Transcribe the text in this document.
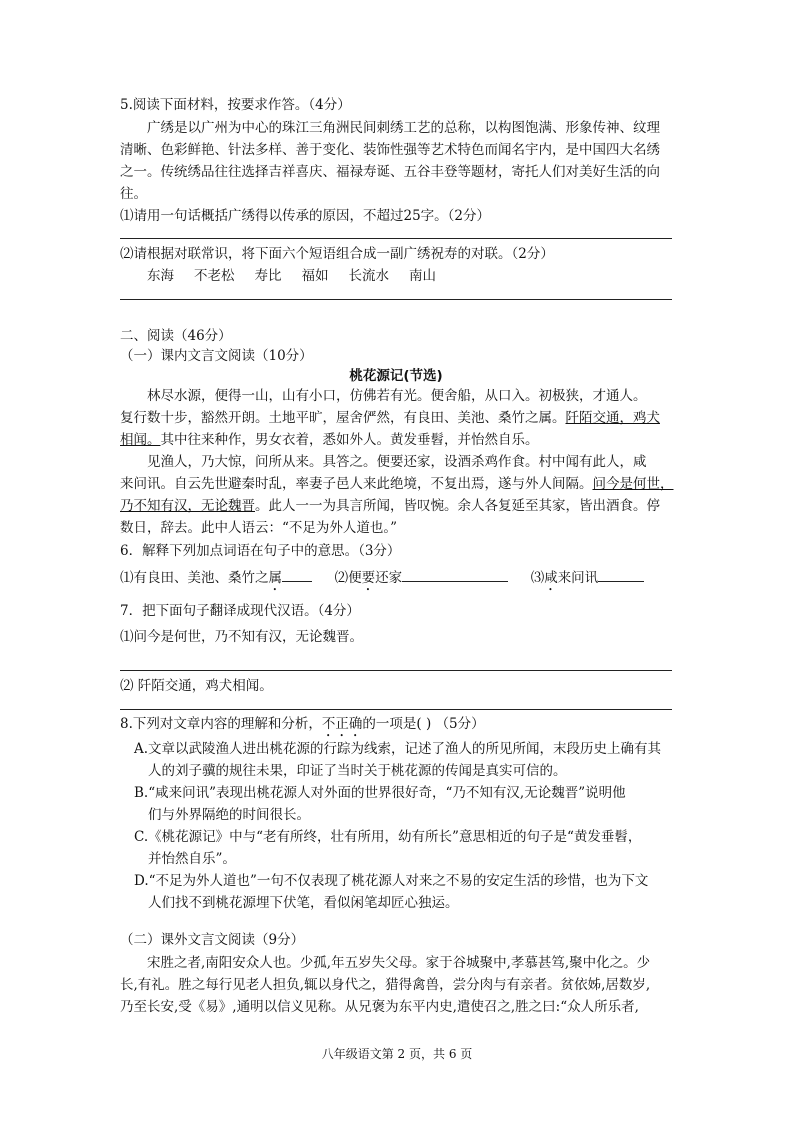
5.阅读下面材料，按要求作答。（4分）
广绣是以广州为中心的珠江三角洲民间刺绣工艺的总称，以构图饱满、形象传神、纹理
清晰、色彩鲜艳、针法多样、善于变化、装饰性强等艺术特色而闻名宇内，是中国四大名绣
之一。传统绣品往往选择吉祥喜庆、福禄寿诞、五谷丰登等题材，寄托人们对美好生活的向
往。
⑴请用一句话概括广绣得以传承的原因，不超过25字。（2分）
⑵请根据对联常识，将下面六个短语组合成一副广绣祝寿的对联。（2分）
东海 不老松 寿比 福如 长流水 南山
二、阅读（46分）
（一）课内文言文阅读（10分）
桃花源记(节选)
林尽水源，便得一山，山有小口，仿佛若有光。便舍船，从口入。初极狭，才通人。
复行数十步，豁然开朗。土地平旷，屋舍俨然，有良田、美池、桑竹之属。阡陌交通，鸡犬
相闻。其中往来种作，男女衣着，悉如外人。黄发垂髫，并怡然自乐。
见渔人，乃大惊，问所从来。具答之。便要还家，设酒杀鸡作食。村中闻有此人，咸
来问讯。自云先世避秦时乱，率妻子邑人来此绝境，不复出焉，遂与外人间隔。问今是何世，
乃不知有汉，无论魏晋。此人一一为具言所闻，皆叹惋。余人各复延至其家，皆出酒食。停
数日，辞去。此中人语云：“不足为外人道也。”
6．解释下列加点词语在句子中的意思。（3分）
⑴有良田、美池、桑竹之属	⑵便要还家	⑶咸来问讯
7．把下面句子翻译成现代汉语。（4分）
⑴问今是何世，乃不知有汉，无论魏晋。
⑵ 阡陌交通，鸡犬相闻。
8.下列对文章内容的理解和分析，不正确的一项是( ) （5分）
A.文章以武陵渔人进出桃花源的行踪为线索，记述了渔人的所见所闻，末段历史上确有其
人的刘子骥的规往未果，印证了当时关于桃花源的传闻是真实可信的。
B.“咸来问讯”表现出桃花源人对外面的世界很好奇，“乃不知有汉,无论魏晋”说明他
们与外界隔绝的时间很长。
C.《桃花源记》中与“老有所终，壮有所用，幼有所长”意思相近的句子是“黄发垂髫，
并怡然自乐”。
D.“不足为外人道也”一句不仅表现了桃花源人对来之不易的安定生活的珍惜，也为下文
人们找不到桃花源埋下伏笔，看似闲笔却匠心独运。
（二）课外文言文阅读（9分）
宋胜之者,南阳安众人也。少孤,年五岁失父母。家于谷城聚中,孝慕甚笃,聚中化之。少
长,有礼。胜之每行见老人担负,辄以身代之，猎得禽兽，尝分肉与有亲者。贫依姊,居数岁,
乃至长安,受《易》,通明以信义见称。从兄褒为东平内史,遣使召之,胜之曰:“众人所乐者,
八年级语文第 2 页，共 6 页
